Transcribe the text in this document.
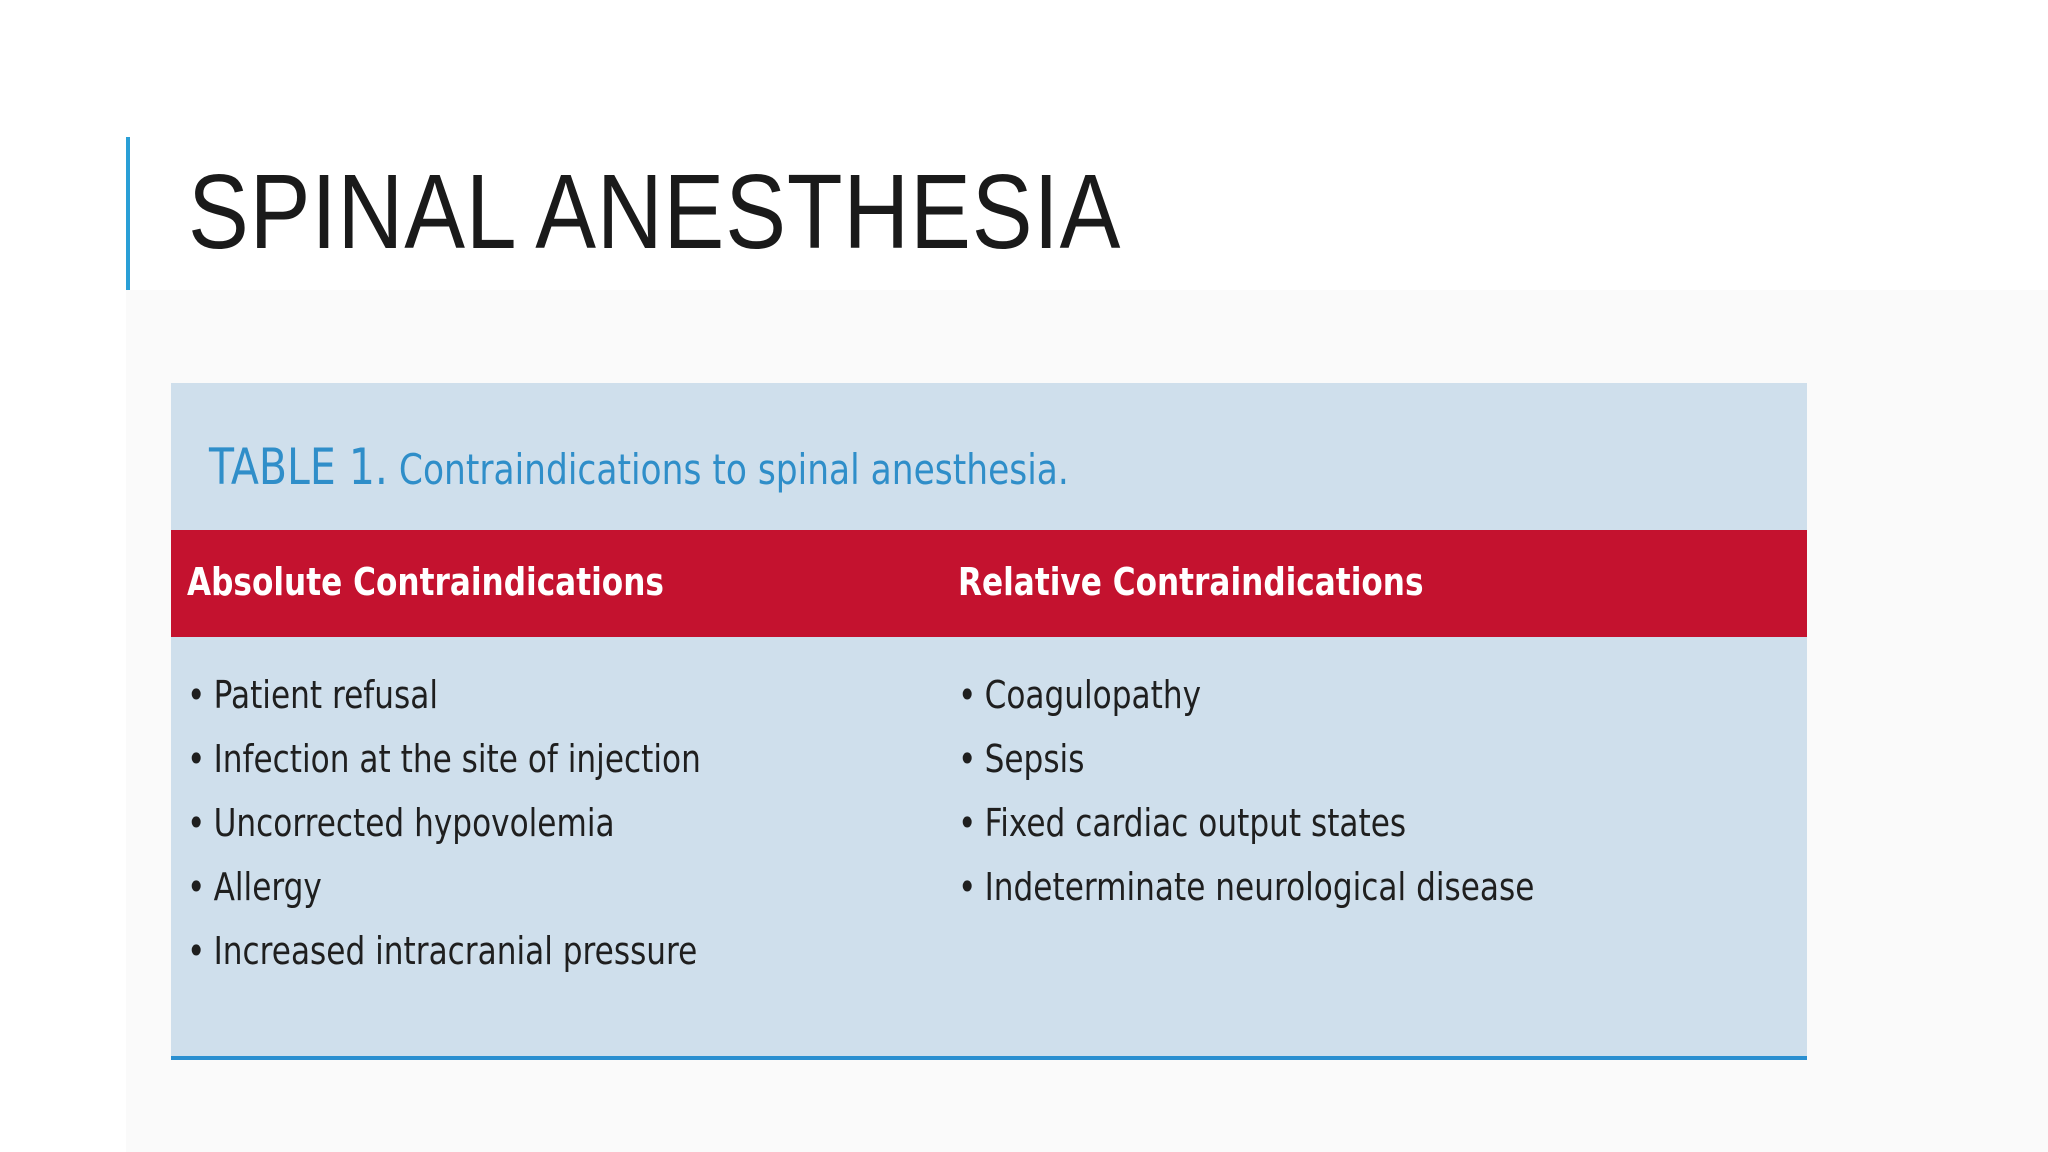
SPINAL ANESTHESIA

TABLE 1. Contraindications to spinal anesthesia.

Absolute Contraindications	Relative Contraindications

• Patient refusal
• Infection at the site of injection
• Uncorrected hypovolemia
• Allergy
• Increased intracranial pressure
• Coagulopathy
• Sepsis
• Fixed cardiac output states
• Indeterminate neurological disease
